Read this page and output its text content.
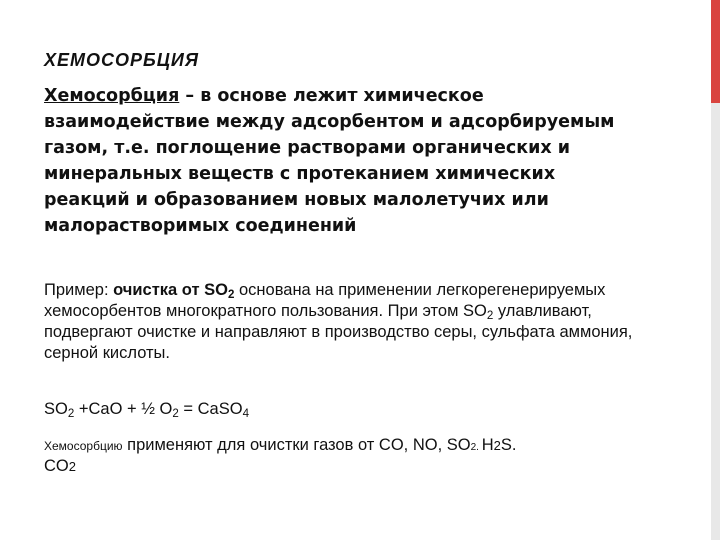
ХЕМОСОРБЦИЯ
Хемосорбция – в основе лежит химическое взаимодействие между адсорбентом и адсорбируемым газом, т.е. поглощение растворами органических и минеральных веществ с протеканием химических реакций и образованием новых малолетучих или малорастворимых соединений
Пример: очистка от $SO_2$ основана на применении легкорегенерируемых хемосорбентов многократного пользования. При этом $SO_2$ улавливают, подвергают очистке и направляют в производство серы, сульфата аммония, серной кислоты.
$SO_2 +CaO$ + ½ $O_2$ = CaSO$_4$
Хемосорбцию применяют для очистки газов от CO, NO, SO2. H2S.
CO2
